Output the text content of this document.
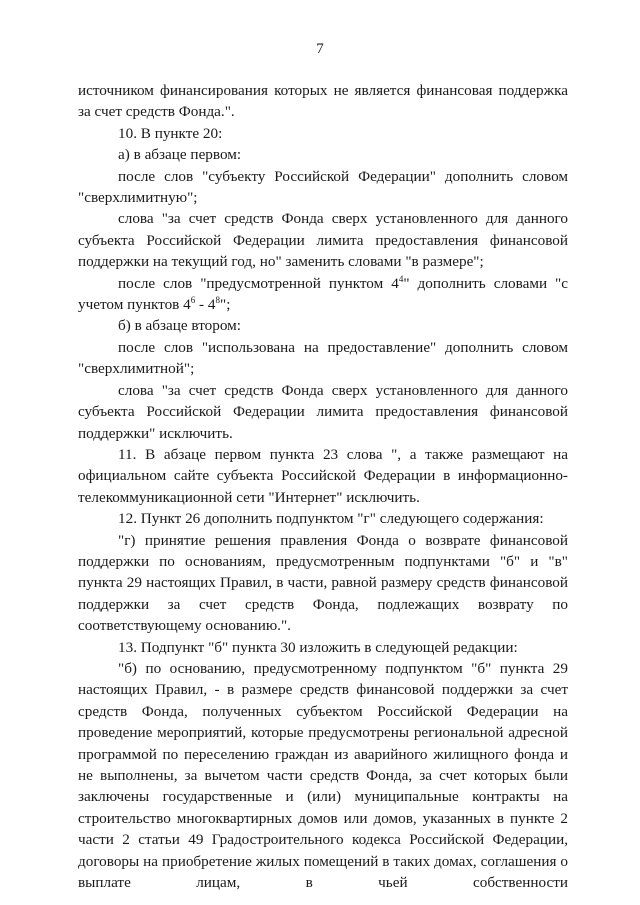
7

источником финансирования которых не является финансовая поддержка за счет средств Фонда.".

10. В пункте 20:

а) в абзаце первом:

после слов "субъекту Российской Федерации" дополнить словом "сверхлимитную";

слова "за счет средств Фонда сверх установленного для данного субъекта Российской Федерации лимита предоставления финансовой поддержки на текущий год, но" заменить словами "в размере";

после слов "предусмотренной пунктом $4^4$" дополнить словами "с учетом пунктов $4^6 - 4^8$";

б) в абзаце втором:

после слов "использована на предоставление" дополнить словом "сверхлимитной";

слова "за счет средств Фонда сверх установленного для данного субъекта Российской Федерации лимита предоставления финансовой поддержки" исключить.

11. В абзаце первом пункта 23 слова ", а также размещают на официальном сайте субъекта Российской Федерации в информационно-телекоммуникационной сети "Интернет" исключить.

12. Пункт 26 дополнить подпунктом "г" следующего содержания:

"г) принятие решения правления Фонда о возврате финансовой поддержки по основаниям, предусмотренным подпунктами "б" и "в" пункта 29 настоящих Правил, в части, равной размеру средств финансовой поддержки за счет средств Фонда, подлежащих возврату по соответствующему основанию.".

13. Подпункт "б" пункта 30 изложить в следующей редакции:

"б) по основанию, предусмотренному подпунктом "б" пункта 29 настоящих Правил, - в размере средств финансовой поддержки за счет средств Фонда, полученных субъектом Российской Федерации на проведение мероприятий, которые предусмотрены региональной адресной программой по переселению граждан из аварийного жилищного фонда и не выполнены, за вычетом части средств Фонда, за счет которых были заключены государственные и (или) муниципальные контракты на строительство многоквартирных домов или домов, указанных в пункте 2 части 2 статьи 49 Градостроительного кодекса Российской Федерации, договоры на приобретение жилых помещений в таких домах, соглашения о выплате лицам, в чьей собственности
